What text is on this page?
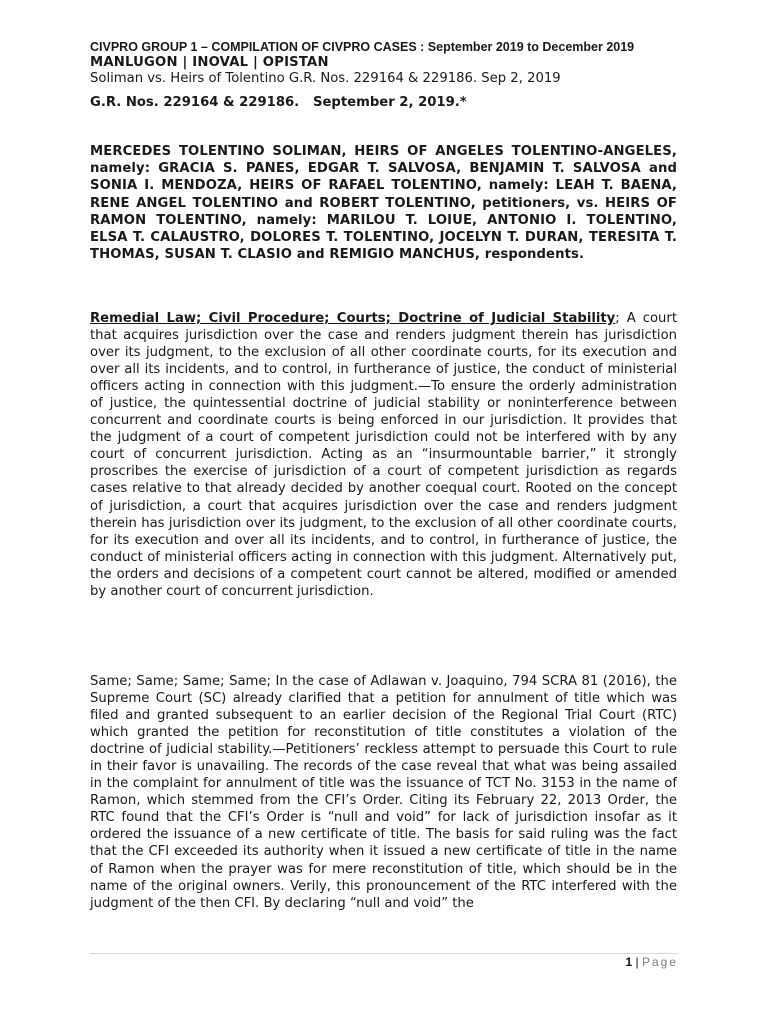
CIVPRO GROUP 1 – COMPILATION OF CIVPRO CASES : September 2019 to December 2019
MANLUGON | INOVAL | OPISTAN
Soliman vs. Heirs of Tolentino G.R. Nos. 229164 & 229186. Sep 2, 2019
G.R. Nos. 229164 & 229186.   September 2, 2019.*
MERCEDES TOLENTINO SOLIMAN, HEIRS OF ANGELES TOLENTINO-ANGELES, namely: GRACIA S. PANES, EDGAR T. SALVOSA, BENJAMIN T. SALVOSA and SONIA I. MENDOZA, HEIRS OF RAFAEL TOLENTINO, namely: LEAH T. BAENA, RENE ANGEL TOLENTINO and ROBERT TOLENTINO, petitioners, vs. HEIRS OF RAMON TOLENTINO, namely: MARILOU T. LOIUE, ANTONIO I. TOLENTINO, ELSA T. CALAUSTRO, DOLORES T. TOLENTINO, JOCELYN T. DURAN, TERESITA T. THOMAS, SUSAN T. CLASIO and REMIGIO MANCHUS, respondents.
Remedial Law; Civil Procedure; Courts; Doctrine of Judicial Stability; A court that acquires jurisdiction over the case and renders judgment therein has jurisdiction over its judgment, to the exclusion of all other coordinate courts, for its execution and over all its incidents, and to control, in furtherance of justice, the conduct of ministerial officers acting in connection with this judgment.—To ensure the orderly administration of justice, the quintessential doctrine of judicial stability or noninterference between concurrent and coordinate courts is being enforced in our jurisdiction. It provides that the judgment of a court of competent jurisdiction could not be interfered with by any court of concurrent jurisdiction. Acting as an “insurmountable barrier,” it strongly proscribes the exercise of jurisdiction of a court of competent jurisdiction as regards cases relative to that already decided by another coequal court. Rooted on the concept of jurisdiction, a court that acquires jurisdiction over the case and renders judgment therein has jurisdiction over its judgment, to the exclusion of all other coordinate courts, for its execution and over all its incidents, and to control, in furtherance of justice, the conduct of ministerial officers acting in connection with this judgment. Alternatively put, the orders and decisions of a competent court cannot be altered, modified or amended by another court of concurrent jurisdiction.
Same; Same; Same; Same; In the case of Adlawan v. Joaquino, 794 SCRA 81 (2016), the Supreme Court (SC) already clarified that a petition for annulment of title which was filed and granted subsequent to an earlier decision of the Regional Trial Court (RTC) which granted the petition for reconstitution of title constitutes a violation of the doctrine of judicial stability.—Petitioners’ reckless attempt to persuade this Court to rule in their favor is unavailing. The records of the case reveal that what was being assailed in the complaint for annulment of title was the issuance of TCT No. 3153 in the name of Ramon, which stemmed from the CFI’s Order. Citing its February 22, 2013 Order, the RTC found that the CFI’s Order is “null and void” for lack of jurisdiction insofar as it ordered the issuance of a new certificate of title. The basis for said ruling was the fact that the CFI exceeded its authority when it issued a new certificate of title in the name of Ramon when the prayer was for mere reconstitution of title, which should be in the name of the original owners. Verily, this pronouncement of the RTC interfered with the judgment of the then CFI. By declaring “null and void” the
1 | Page
